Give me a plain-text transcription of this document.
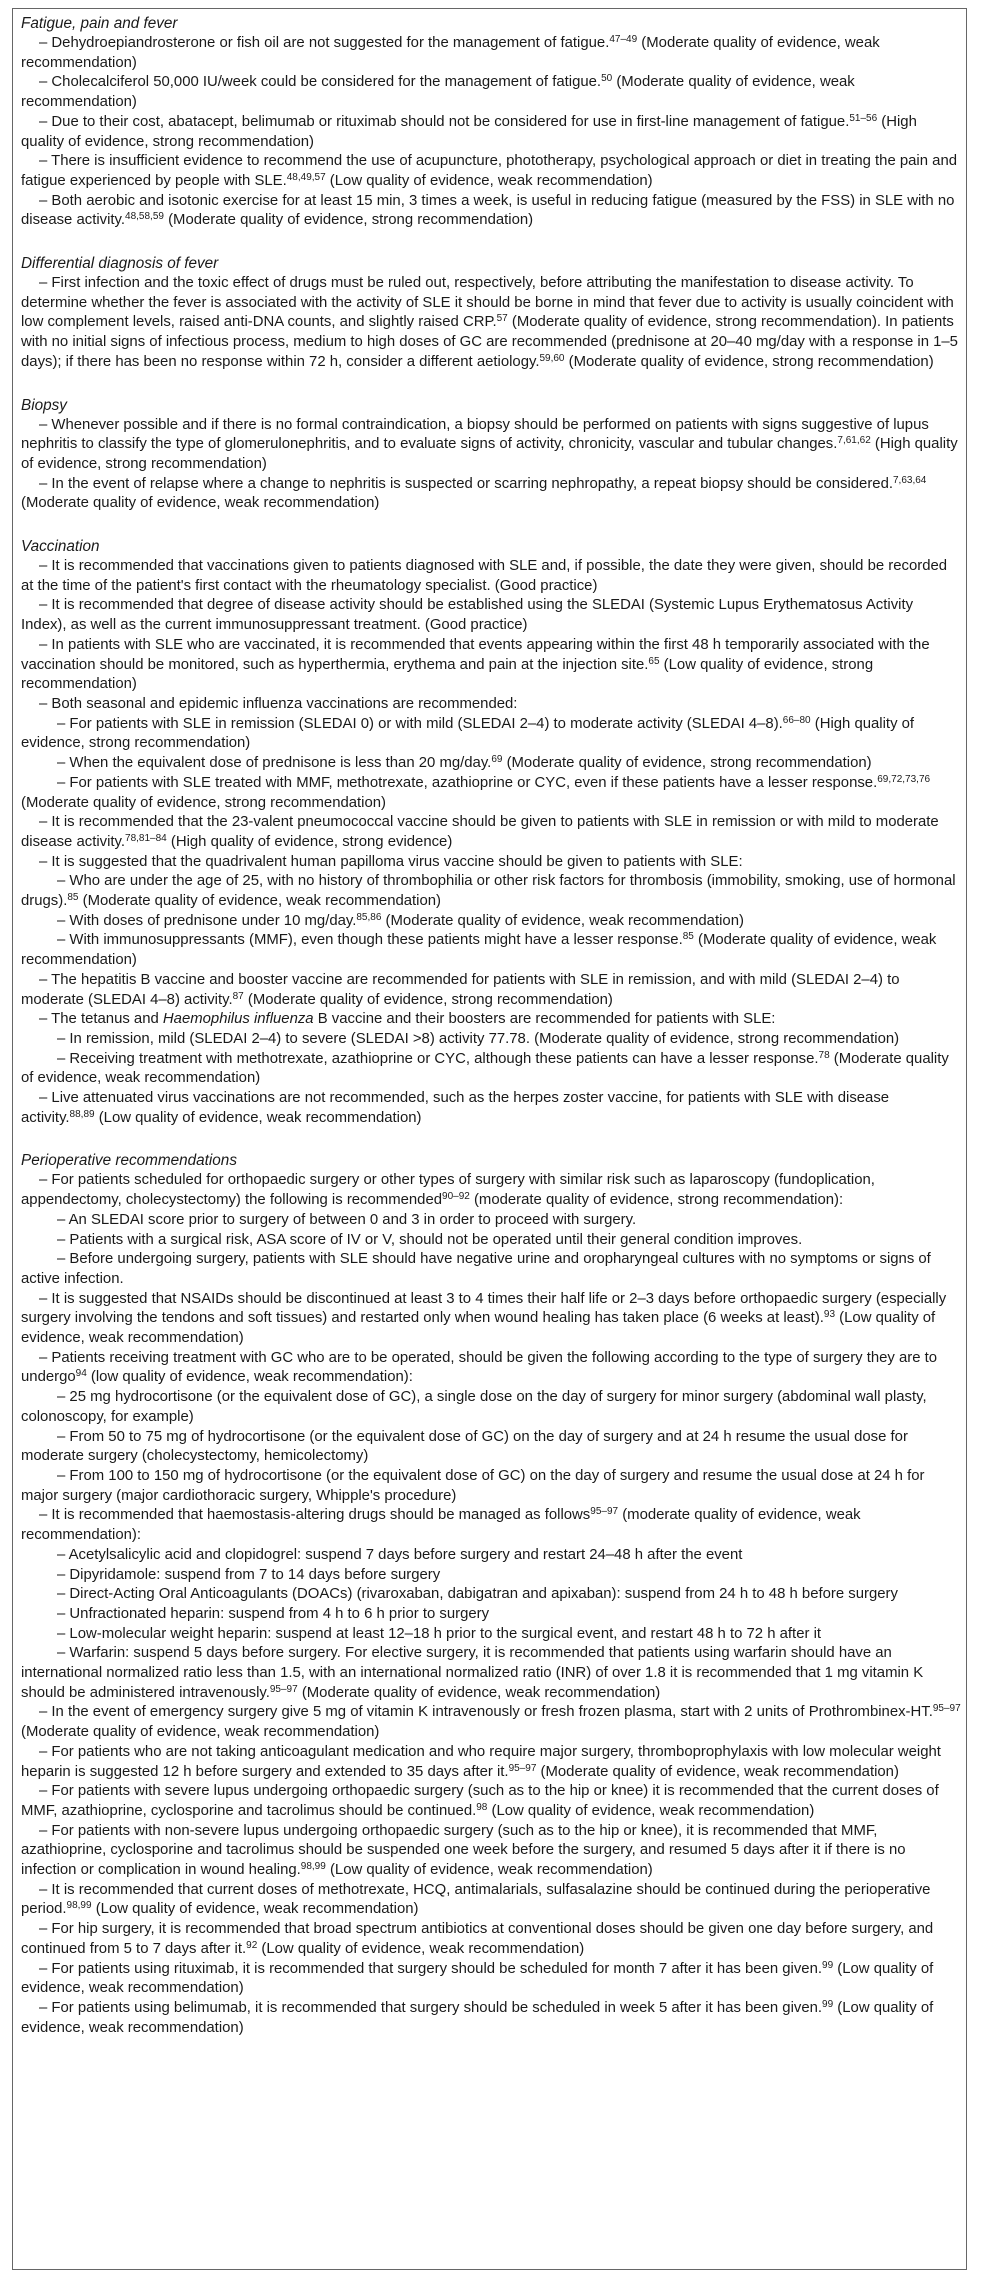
Fatigue, pain and fever

– Dehydroepiandrosterone or fish oil are not suggested for the management of fatigue.$^{47-49}$ (Moderate quality of evidence, weak recommendation)

– Cholecalciferol 50,000 IU/week could be considered for the management of fatigue.$^{50}$ (Moderate quality of evidence, weak recommendation)

– Due to their cost, abatacept, belimumab or rituximab should not be considered for use in first-line management of fatigue.$^{51-56}$ (High quality of evidence, strong recommendation)

– There is insufficient evidence to recommend the use of acupuncture, phototherapy, psychological approach or diet in treating the pain and fatigue experienced by people with SLE.$^{48,49,57}$ (Low quality of evidence, weak recommendation)

– Both aerobic and isotonic exercise for at least 15 min, 3 times a week, is useful in reducing fatigue (measured by the FSS) in SLE with no disease activity.$^{48,58,59}$ (Moderate quality of evidence, strong recommendation)

Differential diagnosis of fever

– First infection and the toxic effect of drugs must be ruled out, respectively, before attributing the manifestation to disease activity. To determine whether the fever is associated with the activity of SLE it should be borne in mind that fever due to activity is usually coincident with low complement levels, raised anti-DNA counts, and slightly raised CRP.$^{57}$ (Moderate quality of evidence, strong recommendation). In patients with no initial signs of infectious process, medium to high doses of GC are recommended (prednisone at 20–40 mg/day with a response in 1–5 days); if there has been no response within 72 h, consider a different aetiology.$^{59,60}$ (Moderate quality of evidence, strong recommendation)

Biopsy

– Whenever possible and if there is no formal contraindication, a biopsy should be performed on patients with signs suggestive of lupus nephritis to classify the type of glomerulonephritis, and to evaluate signs of activity, chronicity, vascular and tubular changes.$^{7,61,62}$ (High quality of evidence, strong recommendation)

– In the event of relapse where a change to nephritis is suspected or scarring nephropathy, a repeat biopsy should be considered.$^{7,63,64}$ (Moderate quality of evidence, weak recommendation)

Vaccination

– It is recommended that vaccinations given to patients diagnosed with SLE and, if possible, the date they were given, should be recorded at the time of the patient's first contact with the rheumatology specialist. (Good practice)

– It is recommended that degree of disease activity should be established using the SLEDAI (Systemic Lupus Erythematosus Activity Index), as well as the current immunosuppressant treatment. (Good practice)

– In patients with SLE who are vaccinated, it is recommended that events appearing within the first 48 h temporarily associated with the vaccination should be monitored, such as hyperthermia, erythema and pain at the injection site.$^{65}$ (Low quality of evidence, strong recommendation)

– Both seasonal and epidemic influenza vaccinations are recommended:

– For patients with SLE in remission (SLEDAI 0) or with mild (SLEDAI 2–4) to moderate activity (SLEDAI 4–8).$^{66-80}$ (High quality of evidence, strong recommendation)

– When the equivalent dose of prednisone is less than 20 mg/day.$^{69}$ (Moderate quality of evidence, strong recommendation)

– For patients with SLE treated with MMF, methotrexate, azathioprine or CYC, even if these patients have a lesser response.$^{69,72,73,76}$ (Moderate quality of evidence, strong recommendation)

– It is recommended that the 23-valent pneumococcal vaccine should be given to patients with SLE in remission or with mild to moderate disease activity.$^{78,81-84}$ (High quality of evidence, strong evidence)

– It is suggested that the quadrivalent human papilloma virus vaccine should be given to patients with SLE:

– Who are under the age of 25, with no history of thrombophilia or other risk factors for thrombosis (immobility, smoking, use of hormonal drugs).$^{85}$ (Moderate quality of evidence, weak recommendation)

– With doses of prednisone under 10 mg/day.$^{85,86}$ (Moderate quality of evidence, weak recommendation)

– With immunosuppressants (MMF), even though these patients might have a lesser response.$^{85}$ (Moderate quality of evidence, weak recommendation)

– The hepatitis B vaccine and booster vaccine are recommended for patients with SLE in remission, and with mild (SLEDAI 2–4) to moderate (SLEDAI 4–8) activity.$^{87}$ (Moderate quality of evidence, strong recommendation)

– The tetanus and Haemophilus influenza B vaccine and their boosters are recommended for patients with SLE:

– In remission, mild (SLEDAI 2–4) to severe (SLEDAI >8) activity 77.78. (Moderate quality of evidence, strong recommendation)

– Receiving treatment with methotrexate, azathioprine or CYC, although these patients can have a lesser response.$^{78}$ (Moderate quality of evidence, weak recommendation)

– Live attenuated virus vaccinations are not recommended, such as the herpes zoster vaccine, for patients with SLE with disease activity.$^{88,89}$ (Low quality of evidence, weak recommendation)

Perioperative recommendations

– For patients scheduled for orthopaedic surgery or other types of surgery with similar risk such as laparoscopy (fundoplication, appendectomy, cholecystectomy) the following is recommended$^{90-92}$ (moderate quality of evidence, strong recommendation):

– An SLEDAI score prior to surgery of between 0 and 3 in order to proceed with surgery.

– Patients with a surgical risk, ASA score of IV or V, should not be operated until their general condition improves.

– Before undergoing surgery, patients with SLE should have negative urine and oropharyngeal cultures with no symptoms or signs of active infection.

– It is suggested that NSAIDs should be discontinued at least 3 to 4 times their half life or 2–3 days before orthopaedic surgery (especially surgery involving the tendons and soft tissues) and restarted only when wound healing has taken place (6 weeks at least).$^{93}$ (Low quality of evidence, weak recommendation)

– Patients receiving treatment with GC who are to be operated, should be given the following according to the type of surgery they are to undergo$^{94}$ (low quality of evidence, weak recommendation):

– 25 mg hydrocortisone (or the equivalent dose of GC), a single dose on the day of surgery for minor surgery (abdominal wall plasty, colonoscopy, for example)

– From 50 to 75 mg of hydrocortisone (or the equivalent dose of GC) on the day of surgery and at 24 h resume the usual dose for moderate surgery (cholecystectomy, hemicolectomy)

– From 100 to 150 mg of hydrocortisone (or the equivalent dose of GC) on the day of surgery and resume the usual dose at 24 h for major surgery (major cardiothoracic surgery, Whipple's procedure)

– It is recommended that haemostasis-altering drugs should be managed as follows$^{95-97}$ (moderate quality of evidence, weak recommendation):

– Acetylsalicylic acid and clopidogrel: suspend 7 days before surgery and restart 24–48 h after the event

– Dipyridamole: suspend from 7 to 14 days before surgery

– Direct-Acting Oral Anticoagulants (DOACs) (rivaroxaban, dabigatran and apixaban): suspend from 24 h to 48 h before surgery

– Unfractionated heparin: suspend from 4 h to 6 h prior to surgery

– Low-molecular weight heparin: suspend at least 12–18 h prior to the surgical event, and restart 48 h to 72 h after it

– Warfarin: suspend 5 days before surgery. For elective surgery, it is recommended that patients using warfarin should have an international normalized ratio less than 1.5, with an international normalized ratio (INR) of over 1.8 it is recommended that 1 mg vitamin K should be administered intravenously.$^{95-97}$ (Moderate quality of evidence, weak recommendation)

– In the event of emergency surgery give 5 mg of vitamin K intravenously or fresh frozen plasma, start with 2 units of Prothrombinex-HT.$^{95-97}$ (Moderate quality of evidence, weak recommendation)

– For patients who are not taking anticoagulant medication and who require major surgery, thromboprophylaxis with low molecular weight heparin is suggested 12 h before surgery and extended to 35 days after it.$^{95-97}$ (Moderate quality of evidence, weak recommendation)

– For patients with severe lupus undergoing orthopaedic surgery (such as to the hip or knee) it is recommended that the current doses of MMF, azathioprine, cyclosporine and tacrolimus should be continued.$^{98}$ (Low quality of evidence, weak recommendation)

– For patients with non-severe lupus undergoing orthopaedic surgery (such as to the hip or knee), it is recommended that MMF, azathioprine, cyclosporine and tacrolimus should be suspended one week before the surgery, and resumed 5 days after it if there is no infection or complication in wound healing.$^{98,99}$ (Low quality of evidence, weak recommendation)

– It is recommended that current doses of methotrexate, HCQ, antimalarials, sulfasalazine should be continued during the perioperative period.$^{98,99}$ (Low quality of evidence, weak recommendation)

– For hip surgery, it is recommended that broad spectrum antibiotics at conventional doses should be given one day before surgery, and continued from 5 to 7 days after it.$^{92}$ (Low quality of evidence, weak recommendation)

– For patients using rituximab, it is recommended that surgery should be scheduled for month 7 after it has been given.$^{99}$ (Low quality of evidence, weak recommendation)

– For patients using belimumab, it is recommended that surgery should be scheduled in week 5 after it has been given.$^{99}$ (Low quality of evidence, weak recommendation)
